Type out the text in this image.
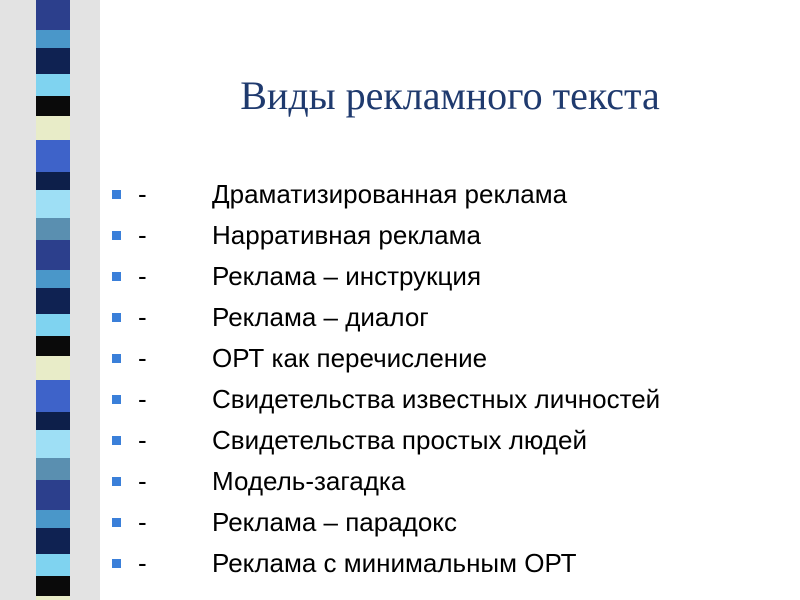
Виды рекламного текста
-	Драматизированная реклама
-	Нарративная реклама
-	Реклама – инструкция
-	Реклама – диалог
-	ОРТ как перечисление
-	Свидетельства известных личностей
-	Свидетельства простых людей
-	Модель-загадка
-	Реклама – парадокс
-	Реклама с минимальным ОРТ
